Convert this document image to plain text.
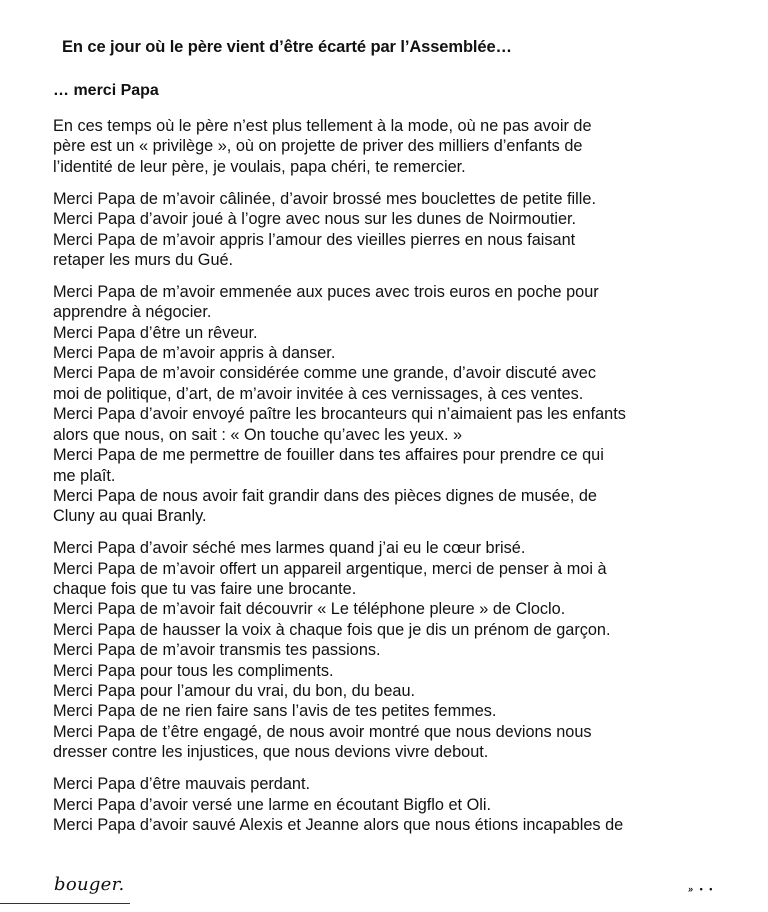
En ce jour où le père vient d’être écarté par l’Assemblée…
… merci Papa

En ces temps où le père n’est plus tellement à la mode, où ne pas avoir de
père est un « privilège », où on projette de priver des milliers d’enfants de
l’identité de leur père, je voulais, papa chéri, te remercier.

Merci Papa de m’avoir câlinée, d’avoir brossé mes bouclettes de petite fille.
Merci Papa d’avoir joué à l’ogre avec nous sur les dunes de Noirmoutier.
Merci Papa de m’avoir appris l’amour des vieilles pierres en nous faisant
retaper les murs du Gué.

Merci Papa de m’avoir emmenée aux puces avec trois euros en poche pour
apprendre à négocier.
Merci Papa d’être un rêveur.
Merci Papa de m’avoir appris à danser.
Merci Papa de m’avoir considérée comme une grande, d’avoir discuté avec
moi de politique, d’art, de m’avoir invitée à ces vernissages, à ces ventes.
Merci Papa d’avoir envoyé paître les brocanteurs qui n’aimaient pas les enfants
alors que nous, on sait : « On touche qu’avec les yeux. »
Merci Papa de me permettre de fouiller dans tes affaires pour prendre ce qui
me plaît.
Merci Papa de nous avoir fait grandir dans des pièces dignes de musée, de
Cluny au quai Branly.

Merci Papa d’avoir séché mes larmes quand j’ai eu le cœur brisé.
Merci Papa de m’avoir offert un appareil argentique, merci de penser à moi à
chaque fois que tu vas faire une brocante.
Merci Papa de m’avoir fait découvrir « Le téléphone pleure » de Cloclo.
Merci Papa de hausser la voix à chaque fois que je dis un prénom de garçon.
Merci Papa de m’avoir transmis tes passions.
Merci Papa pour tous les compliments.
Merci Papa pour l’amour du vrai, du bon, du beau.
Merci Papa de ne rien faire sans l’avis de tes petites femmes.
Merci Papa de t’être engagé, de nous avoir montré que nous devions nous
dresser contre les injustices, que nous devions vivre debout.

Merci Papa d’être mauvais perdant.
Merci Papa d’avoir versé une larme en écoutant Bigflo et Oli.
Merci Papa d’avoir sauvé Alexis et Jeanne alors que nous étions incapables de

bouger.	» • •
